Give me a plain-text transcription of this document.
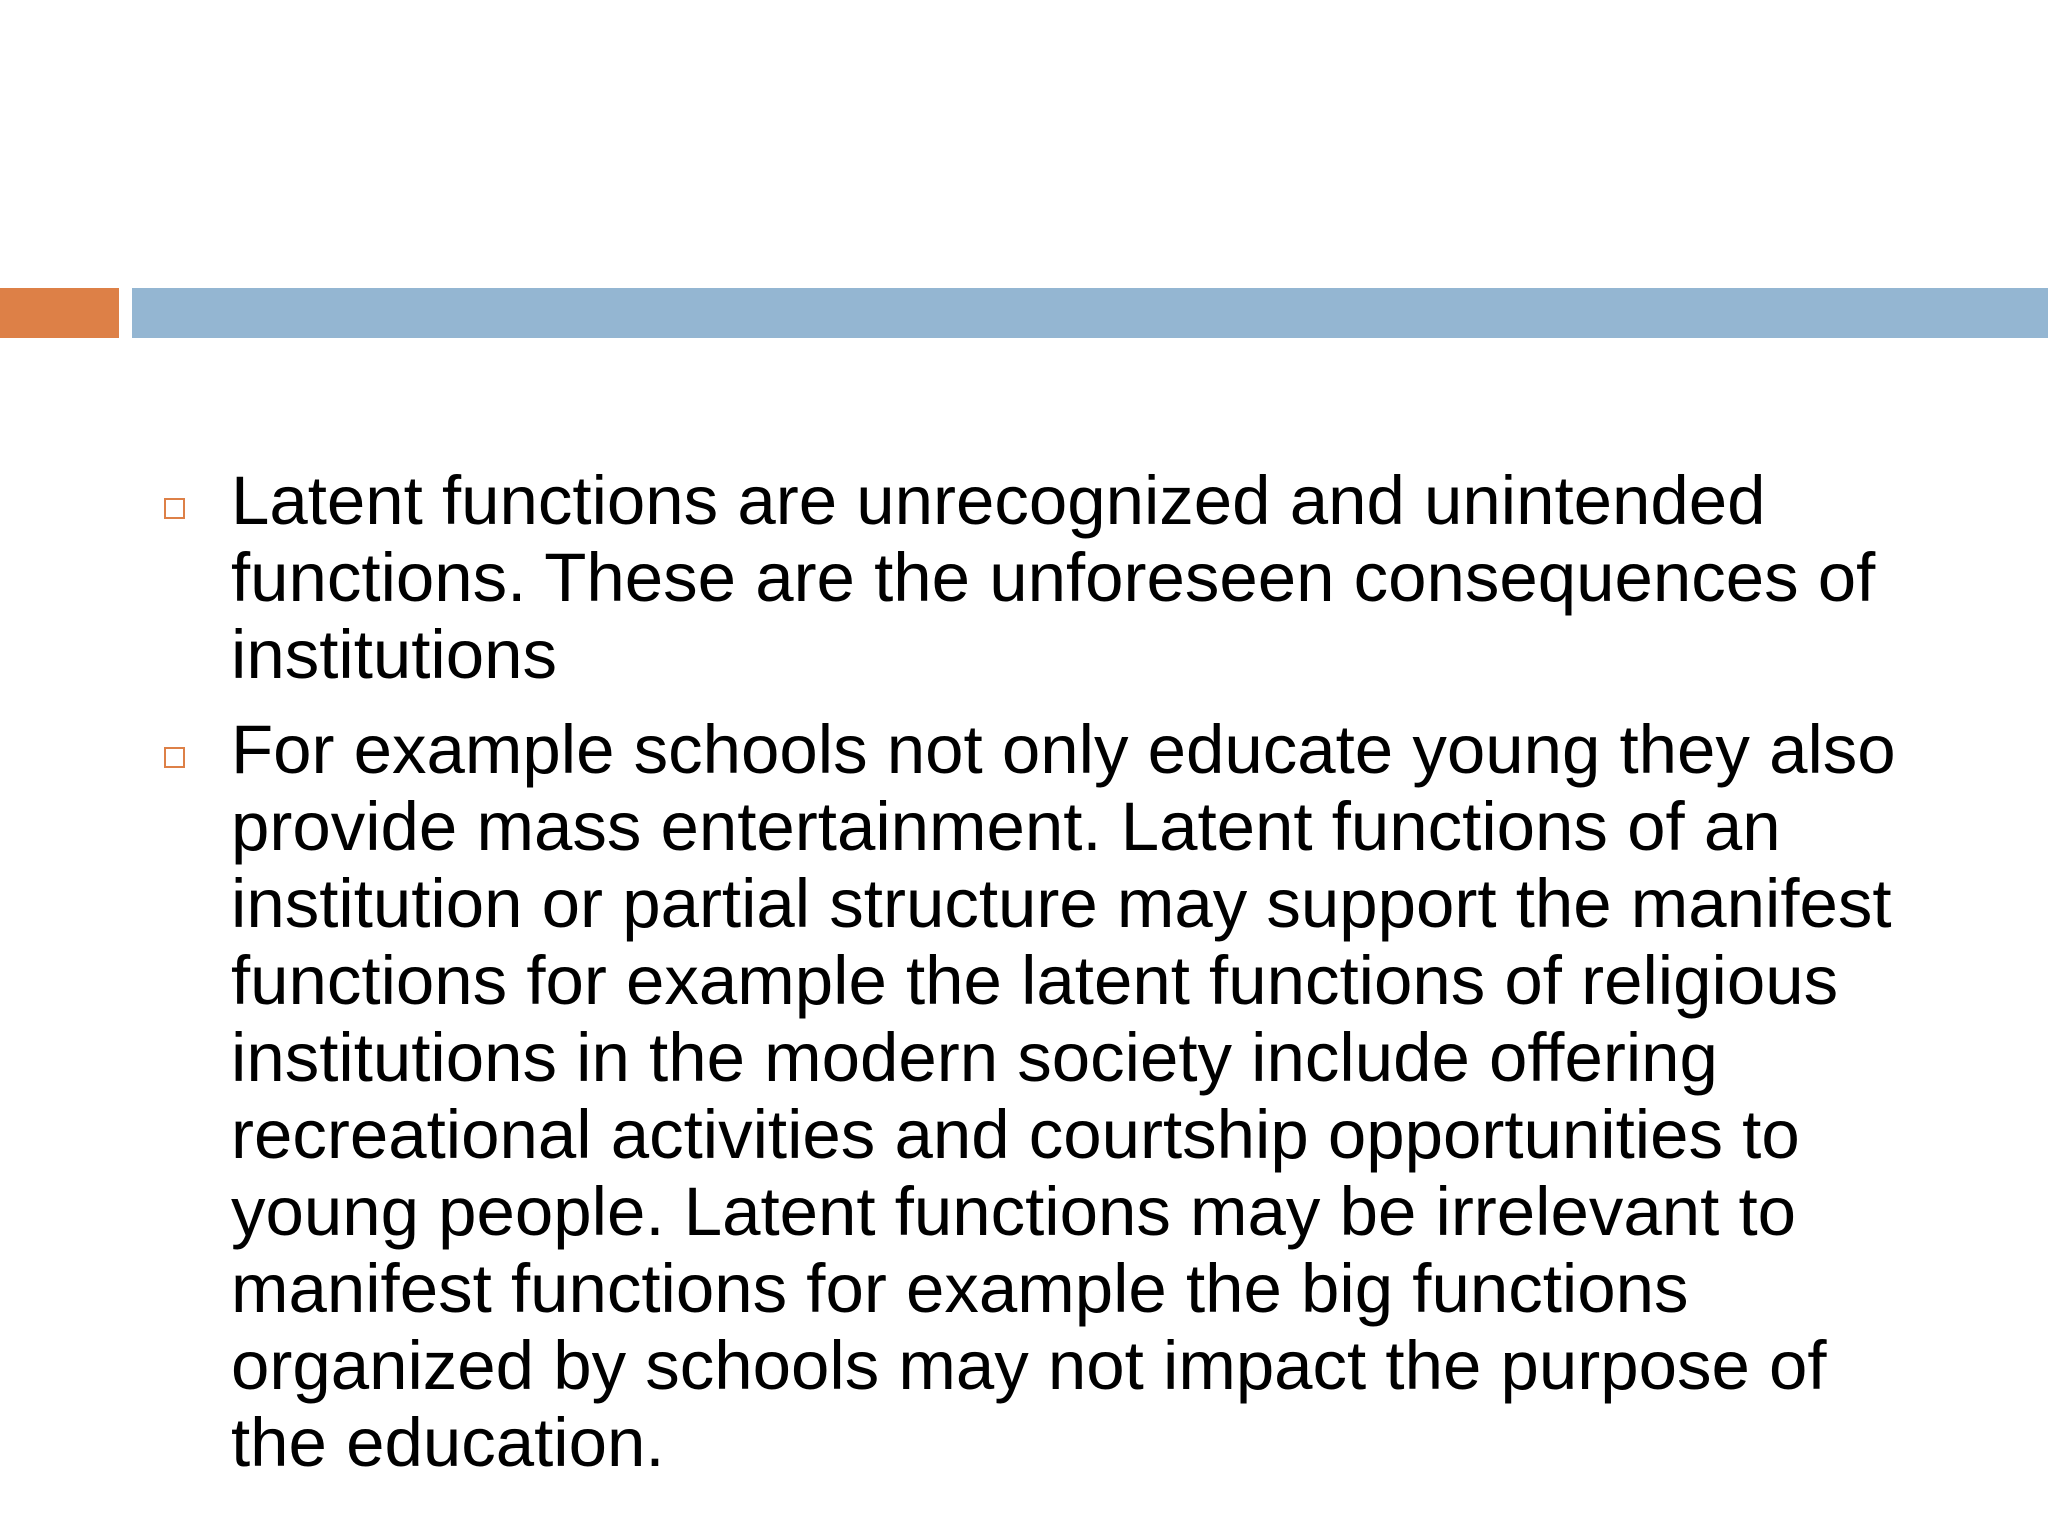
Latent functions are unrecognized and unintended functions. These are the unforeseen consequences of institutions
For example schools not only educate young they also provide mass entertainment. Latent functions of an institution or partial structure may support the manifest functions for example the latent functions of religious institutions in the modern society include offering recreational activities and courtship opportunities to young people. Latent functions may be irrelevant to manifest functions for example the big functions organized by schools may not impact the purpose of the education.
